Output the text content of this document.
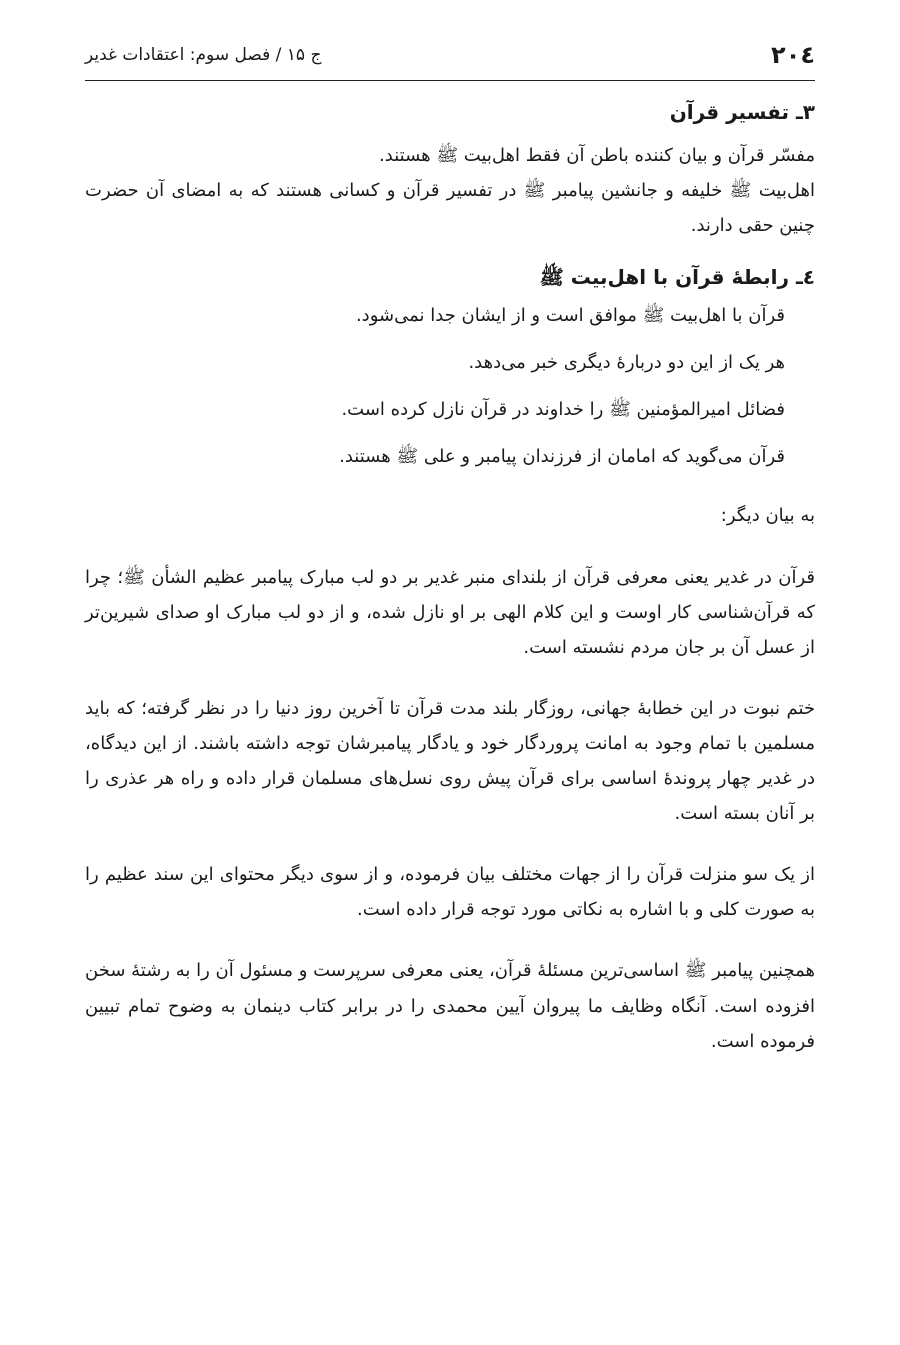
۲۰٤
ج ۱۵ / فصل سوم: اعتقادات غدیر

۳ـ تفسیر قرآن

مفسّر قرآن و بیان کننده باطن آن فقط اهل‌بیت ﷺ هستند.

اهل‌بیت ﷺ خلیفه و جانشین پیامبر ﷺ در تفسیر قرآن و کسانی هستند که به امضای آن حضرت چنین حقی دارند.

٤ـ رابطهٔ قرآن با اهل‌بیت ﷺ

قرآن با اهل‌بیت ﷺ موافق است و از ایشان جدا نمی‌شود.

هر یک از این دو دربارهٔ دیگری خبر می‌دهد.

فضائل امیرالمؤمنین ﷺ را خداوند در قرآن نازل کرده است.

قرآن می‌گوید که امامان از فرزندان پیامبر و علی ﷺ هستند.

به بیان دیگر:

قرآن در غدیر یعنی معرفی قرآن از بلندای منبر غدیر بر دو لب مبارک پیامبر عظیم الشأن ﷺ؛ چرا که قرآن‌شناسی کار اوست و این کلام الهی بر او نازل شده، و از دو لب مبارک او صدای شیرین‌تر از عسل آن بر جان مردم نشسته است.

ختم نبوت در این خطابهٔ جهانی، روزگار بلند مدت قرآن تا آخرین روز دنیا را در نظر گرفته؛ که باید مسلمین با تمام وجود به امانت پروردگار خود و یادگار پیامبرشان توجه داشته باشند. از این دیدگاه، در غدیر چهار پروندهٔ اساسی برای قرآن پیش روی نسل‌های مسلمان قرار داده و راه هر عذری را بر آنان بسته است.

از یک سو منزلت قرآن را از جهات مختلف بیان فرموده، و از سوی دیگر محتوای این سند عظیم را به صورت کلی و با اشاره به نکاتی مورد توجه قرار داده است.

همچنین پیامبر ﷺ اساسی‌ترین مسئلهٔ قرآن، یعنی معرفی سرپرست و مسئول آن را به رشتهٔ سخن افزوده است. آنگاه وظایف ما پیروان آیین محمدی را در برابر کتاب دینمان به وضوح تمام تبیین فرموده است.
